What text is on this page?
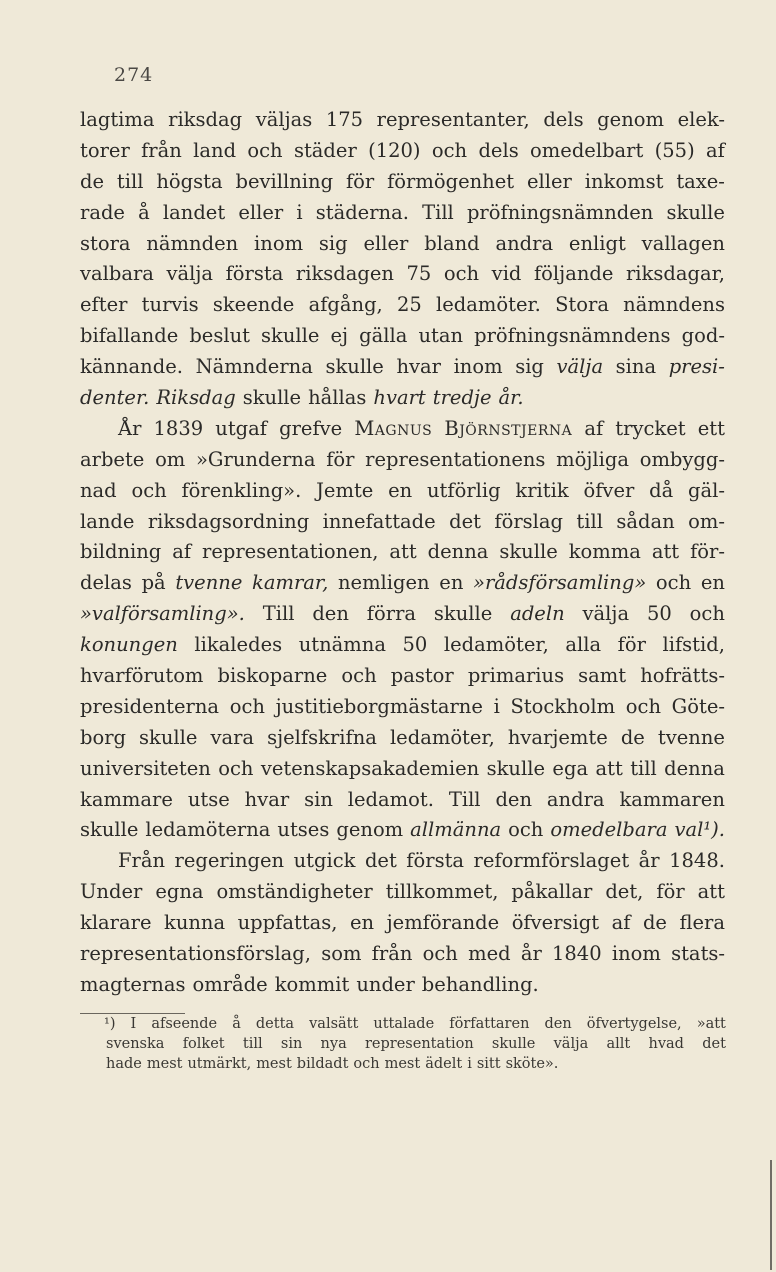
274
lagtima riksdag väljas 175 representanter, dels genom elek-
torer från land och städer (120) och dels omedelbart (55) af
de till högsta bevillning för förmögenhet eller inkomst taxe-
rade å landet eller i städerna. Till pröfningsnämnden skulle
stora nämnden inom sig eller bland andra enligt vallagen
valbara välja första riksdagen 75 och vid följande riksdagar,
efter turvis skeende afgång, 25 ledamöter. Stora nämndens
bifallande beslut skulle ej gälla utan pröfningsnämndens god-
kännande. Nämnderna skulle hvar inom sig välja sina presi-
denter. Riksdag skulle hållas hvart tredje år.
År 1839 utgaf grefve Magnus Björnstjerna af trycket ett
arbete om »Grunderna för representationens möjliga ombygg-
nad och förenkling». Jemte en utförlig kritik öfver då gäl-
lande riksdagsordning innefattade det förslag till sådan om-
bildning af representationen, att denna skulle komma att för-
delas på tvenne kamrar, nemligen en »rådsförsamling» och en
»valförsamling». Till den förra skulle adeln välja 50 och
konungen likaledes utnämna 50 ledamöter, alla för lifstid,
hvarförutom biskoparne och pastor primarius samt hofrätts-
presidenterna och justitieborgmästarne i Stockholm och Göte-
borg skulle vara sjelfskrifna ledamöter, hvarjemte de tvenne
universiteten och vetenskapsakademien skulle ega att till denna
kammare utse hvar sin ledamot. Till den andra kammaren
skulle ledamöterna utses genom allmänna och omedelbara val¹).
Från regeringen utgick det första reformförslaget år 1848.
Under egna omständigheter tillkommet, påkallar det, för att
klarare kunna uppfattas, en jemförande öfversigt af de flera
representationsförslag, som från och med år 1840 inom stats-
magternas område kommit under behandling.
¹) I afseende å detta valsätt uttalade författaren den öfvertygelse, »att
svenska folket till sin nya representation skulle välja allt hvad det
hade mest utmärkt, mest bildadt och mest ädelt i sitt sköte».
